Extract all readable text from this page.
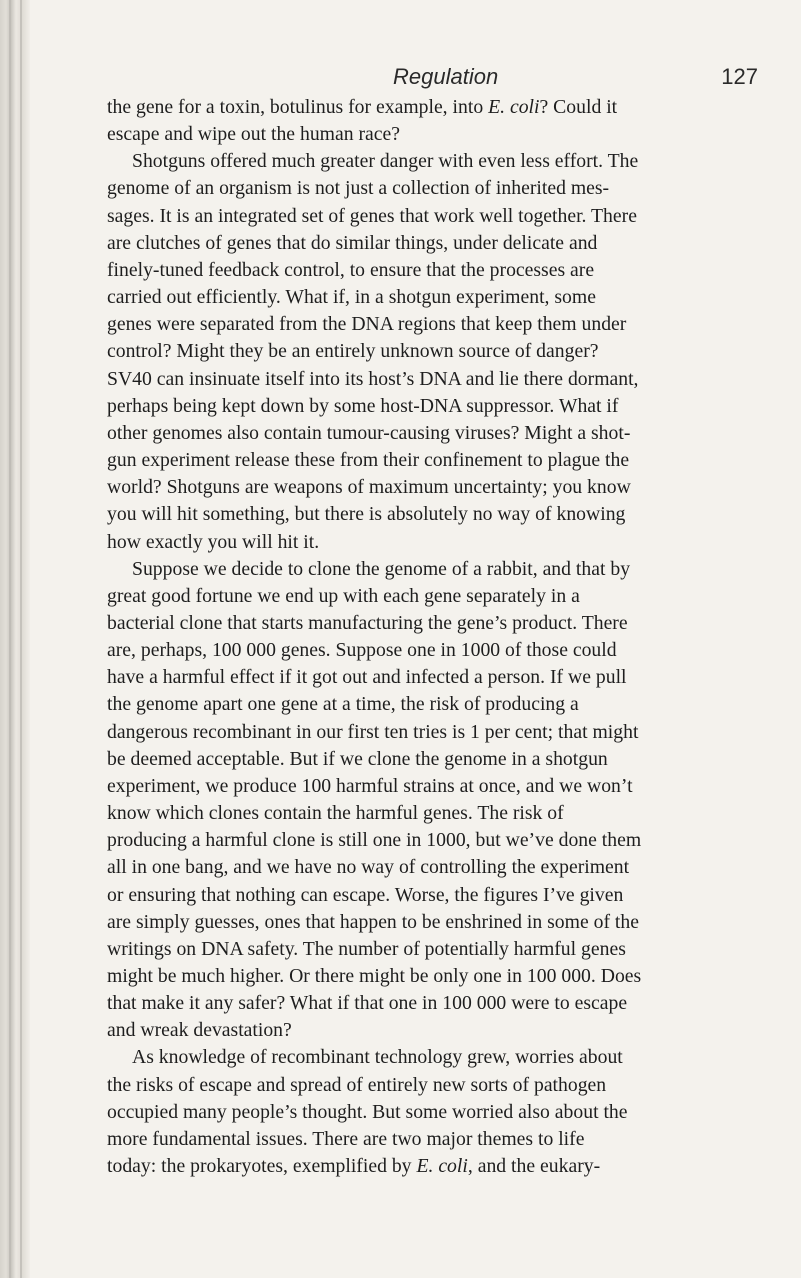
Regulation	127

the gene for a toxin, botulinus for example, into E. coli? Could it
escape and wipe out the human race?

Shotguns offered much greater danger with even less effort. The
genome of an organism is not just a collection of inherited mes-
sages. It is an integrated set of genes that work well together. There
are clutches of genes that do similar things, under delicate and
finely-tuned feedback control, to ensure that the processes are
carried out efficiently. What if, in a shotgun experiment, some
genes were separated from the DNA regions that keep them under
control? Might they be an entirely unknown source of danger?
SV40 can insinuate itself into its host’s DNA and lie there dormant,
perhaps being kept down by some host-DNA suppressor. What if
other genomes also contain tumour-causing viruses? Might a shot-
gun experiment release these from their confinement to plague the
world? Shotguns are weapons of maximum uncertainty; you know
you will hit something, but there is absolutely no way of knowing
how exactly you will hit it.

Suppose we decide to clone the genome of a rabbit, and that by
great good fortune we end up with each gene separately in a
bacterial clone that starts manufacturing the gene’s product. There
are, perhaps, 100 000 genes. Suppose one in 1000 of those could
have a harmful effect if it got out and infected a person. If we pull
the genome apart one gene at a time, the risk of producing a
dangerous recombinant in our first ten tries is 1 per cent; that might
be deemed acceptable. But if we clone the genome in a shotgun
experiment, we produce 100 harmful strains at once, and we won’t
know which clones contain the harmful genes. The risk of
producing a harmful clone is still one in 1000, but we’ve done them
all in one bang, and we have no way of controlling the experiment
or ensuring that nothing can escape. Worse, the figures I’ve given
are simply guesses, ones that happen to be enshrined in some of the
writings on DNA safety. The number of potentially harmful genes
might be much higher. Or there might be only one in 100 000. Does
that make it any safer? What if that one in 100 000 were to escape
and wreak devastation?

As knowledge of recombinant technology grew, worries about
the risks of escape and spread of entirely new sorts of pathogen
occupied many people’s thought. But some worried also about the
more fundamental issues. There are two major themes to life
today: the prokaryotes, exemplified by E. coli, and the eukary-
